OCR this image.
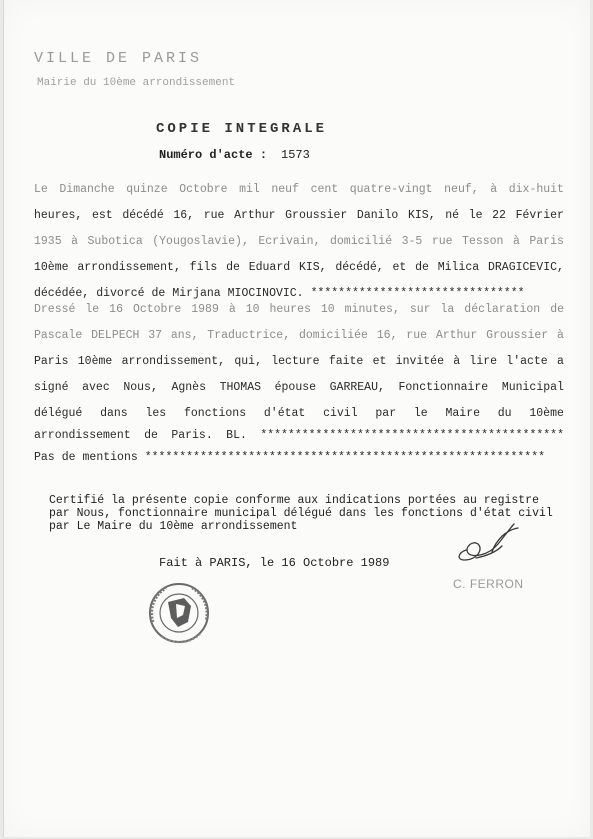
VILLE DE PARIS
Mairie du 10ème arrondissement
COPIE INTEGRALE
Numéro d'acte : 1573
Le Dimanche quinze Octobre mil neuf cent quatre-vingt neuf, à dix-huit
heures, est décédé 16, rue Arthur Groussier Danilo KIS, né le 22 Février
1935 à Subotica (Yougoslavie), Ecrivain, domicilié 3-5 rue Tesson à Paris
10ème arrondissement, fils de Eduard KIS, décédé, et de Milica DRAGICEVIC,
décédée, divorcé de Mirjana MIOCINOVIC. *******************************
Dressé le 16 Octobre 1989 à 10 heures 10 minutes, sur la déclaration de
Pascale DELPECH 37 ans, Traductrice, domiciliée 16, rue Arthur Groussier à
Paris 10ème arrondissement, qui, lecture faite et invitée à lire l'acte a
signé avec Nous, Agnès THOMAS épouse GARREAU, Fonctionnaire Municipal
délégué dans les fonctions d'état civil par le Maire du 10ème
arrondissement de Paris. BL. ********************************************
Pas de mentions **********************************************************
Certifié la présente copie conforme aux indications portées au registre
par Nous, fonctionnaire municipal délégué dans les fonctions d'état civil
par Le Maire du 10ème arrondissement
Fait à PARIS, le 16 Octobre 1989
C. FERRON
